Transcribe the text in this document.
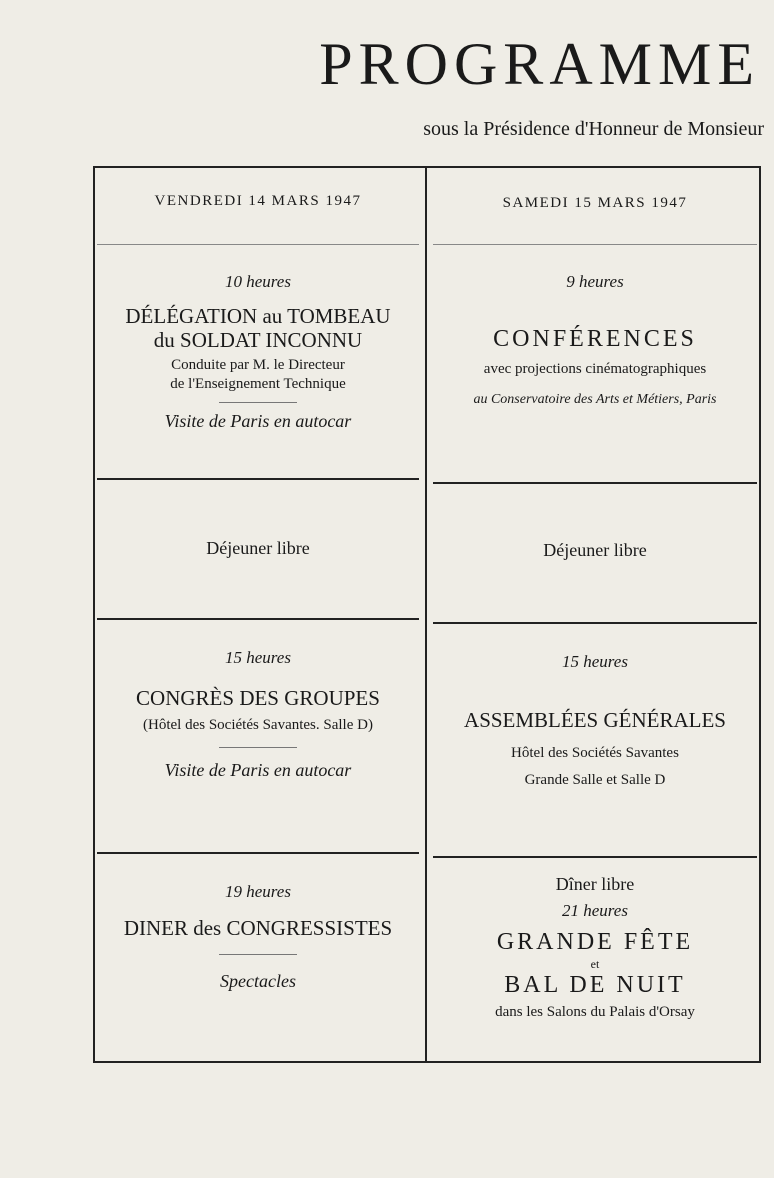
PROGRAMME
sous la Présidence d'Honneur de Monsieur
VENDREDI 14 MARS 1947
10 heures
DÉLÉGATION au TOMBEAU
du SOLDAT INCONNU
Conduite par M. le Directeur
de l'Enseignement Technique
Visite de Paris en autocar
Déjeuner libre
15 heures
CONGRÈS DES GROUPES
(Hôtel des Sociétés Savantes. Salle D)
Visite de Paris en autocar
19 heures
DINER des CONGRESSISTES
Spectacles
SAMEDI 15 MARS 1947
9 heures
CONFÉRENCES
avec projections cinématographiques
au Conservatoire des Arts et Métiers, Paris
Déjeuner libre
15 heures
ASSEMBLÉES GÉNÉRALES
Hôtel des Sociétés Savantes
Grande Salle et Salle D
Dîner libre
21 heures
GRANDE FÊTE
et
BAL DE NUIT
dans les Salons du Palais d'Orsay
